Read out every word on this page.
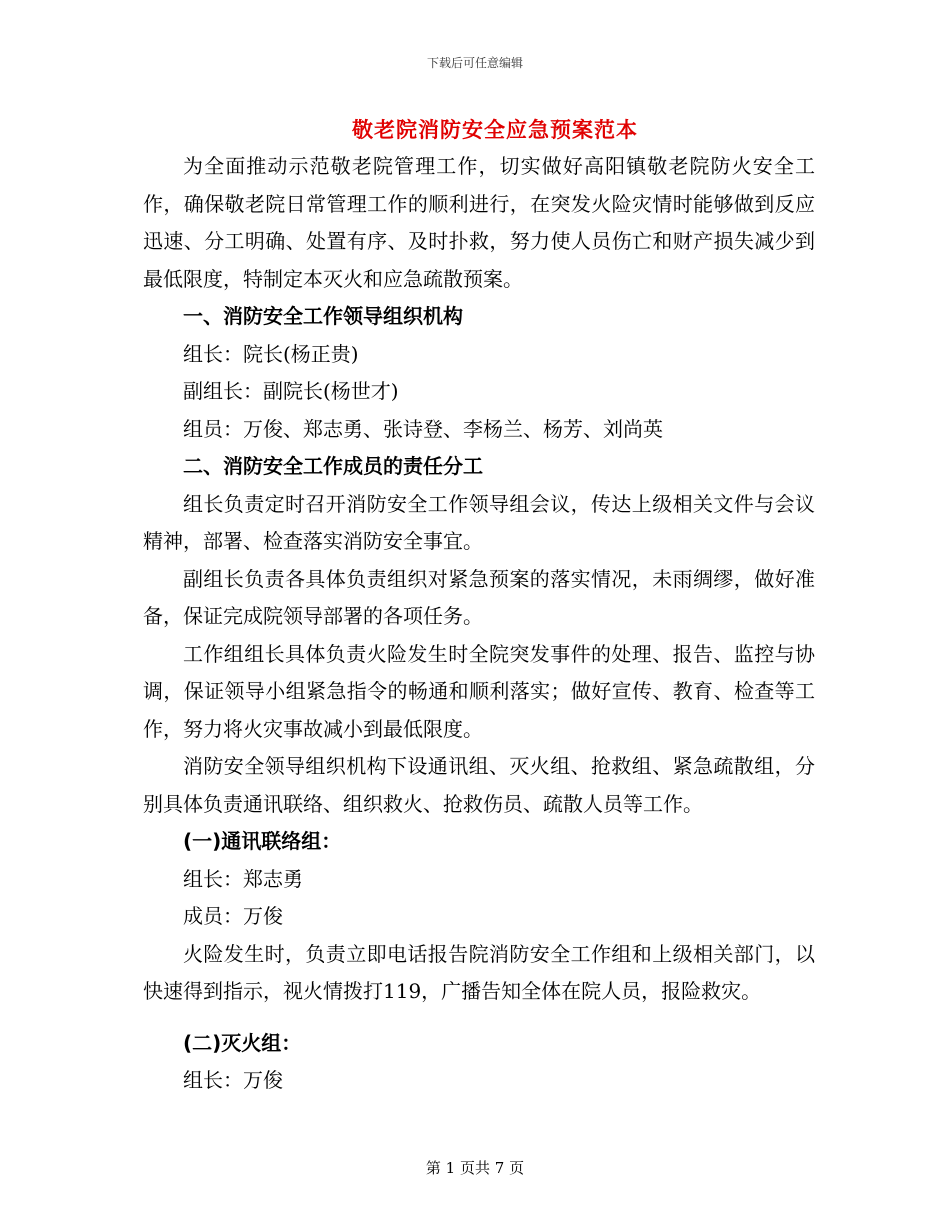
下载后可任意编辑
敬老院消防安全应急预案范本

为全面推动示范敬老院管理工作，切实做好高阳镇敬老院防火安全工作，确保敬老院日常管理工作的顺利进行，在突发火险灾情时能够做到反应迅速、分工明确、处置有序、及时扑救，努力使人员伤亡和财产损失减少到最低限度，特制定本灭火和应急疏散预案。

一、消防安全工作领导组织机构

组长：院长(杨正贵)

副组长：副院长(杨世才)

组员：万俊、郑志勇、张诗登、李杨兰、杨芳、刘尚英

二、消防安全工作成员的责任分工

组长负责定时召开消防安全工作领导组会议，传达上级相关文件与会议精神，部署、检查落实消防安全事宜。

副组长负责各具体负责组织对紧急预案的落实情况，未雨绸缪，做好准备，保证完成院领导部署的各项任务。

工作组组长具体负责火险发生时全院突发事件的处理、报告、监控与协调，保证领导小组紧急指令的畅通和顺利落实；做好宣传、教育、检查等工作，努力将火灾事故减小到最低限度。

消防安全领导组织机构下设通讯组、灭火组、抢救组、紧急疏散组，分别具体负责通讯联络、组织救火、抢救伤员、疏散人员等工作。

(一)通讯联络组：

组长：郑志勇

成员：万俊

火险发生时，负责立即电话报告院消防安全工作组和上级相关部门，以快速得到指示，视火情拨打119，广播告知全体在院人员，报险救灾。

(二)灭火组：

组长：万俊

第 1 页共 7 页
